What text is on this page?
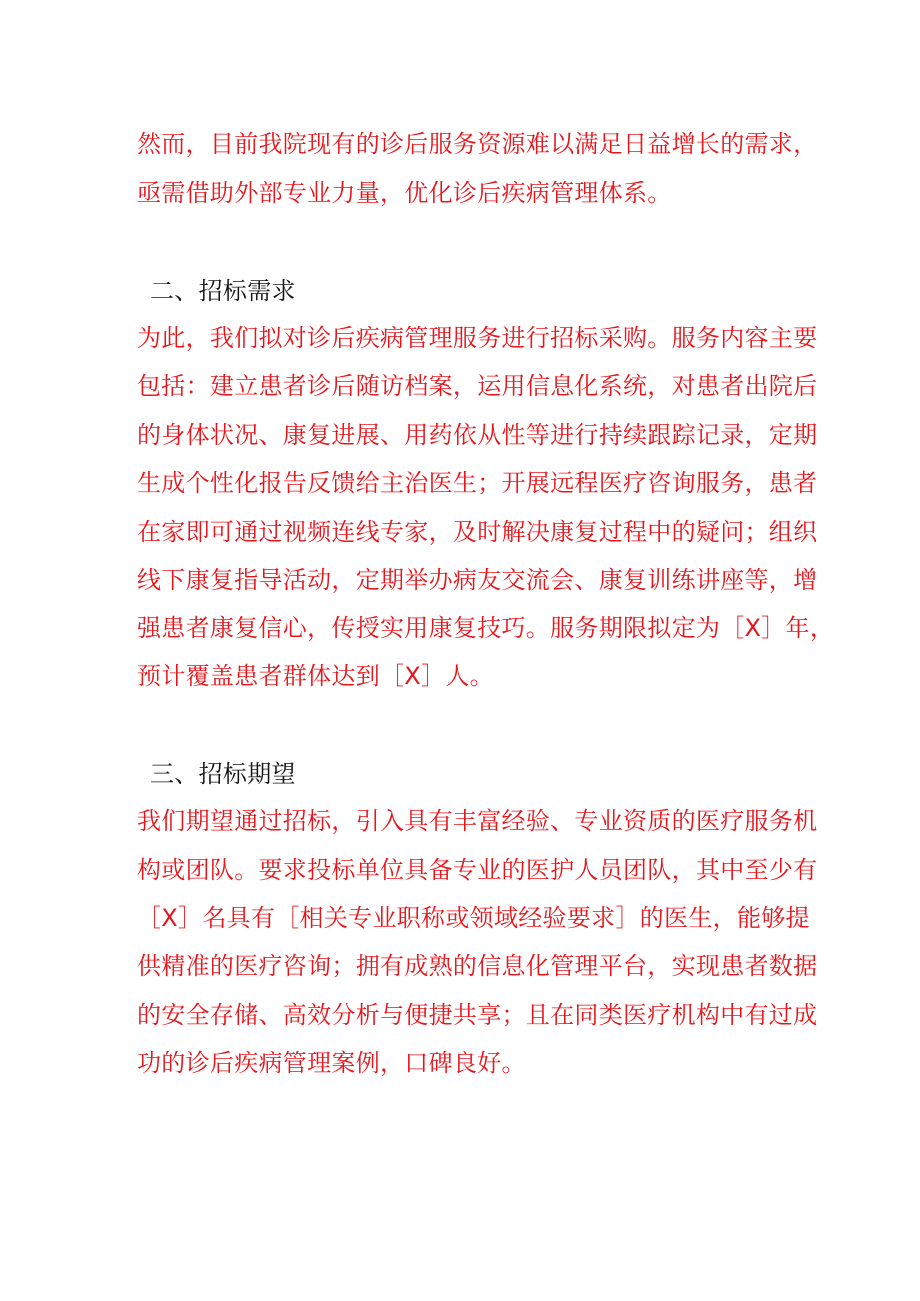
然而，目前我院现有的诊后服务资源难以满足日益增长的需求，
亟需借助外部专业力量，优化诊后疾病管理体系。
二、招标需求
为此，我们拟对诊后疾病管理服务进行招标采购。服务内容主要
包括：建立患者诊后随访档案，运用信息化系统，对患者出院后
的身体状况、康复进展、用药依从性等进行持续跟踪记录，定期
生成个性化报告反馈给主治医生；开展远程医疗咨询服务，患者
在家即可通过视频连线专家，及时解决康复过程中的疑问；组织
线下康复指导活动，定期举办病友交流会、康复训练讲座等，增
强患者康复信心，传授实用康复技巧。服务期限拟定为［X］年，
预计覆盖患者群体达到［X］人。
三、招标期望
我们期望通过招标，引入具有丰富经验、专业资质的医疗服务机
构或团队。要求投标单位具备专业的医护人员团队，其中至少有
［X］名具有［相关专业职称或领域经验要求］的医生，能够提
供精准的医疗咨询；拥有成熟的信息化管理平台，实现患者数据
的安全存储、高效分析与便捷共享；且在同类医疗机构中有过成
功的诊后疾病管理案例，口碑良好。
